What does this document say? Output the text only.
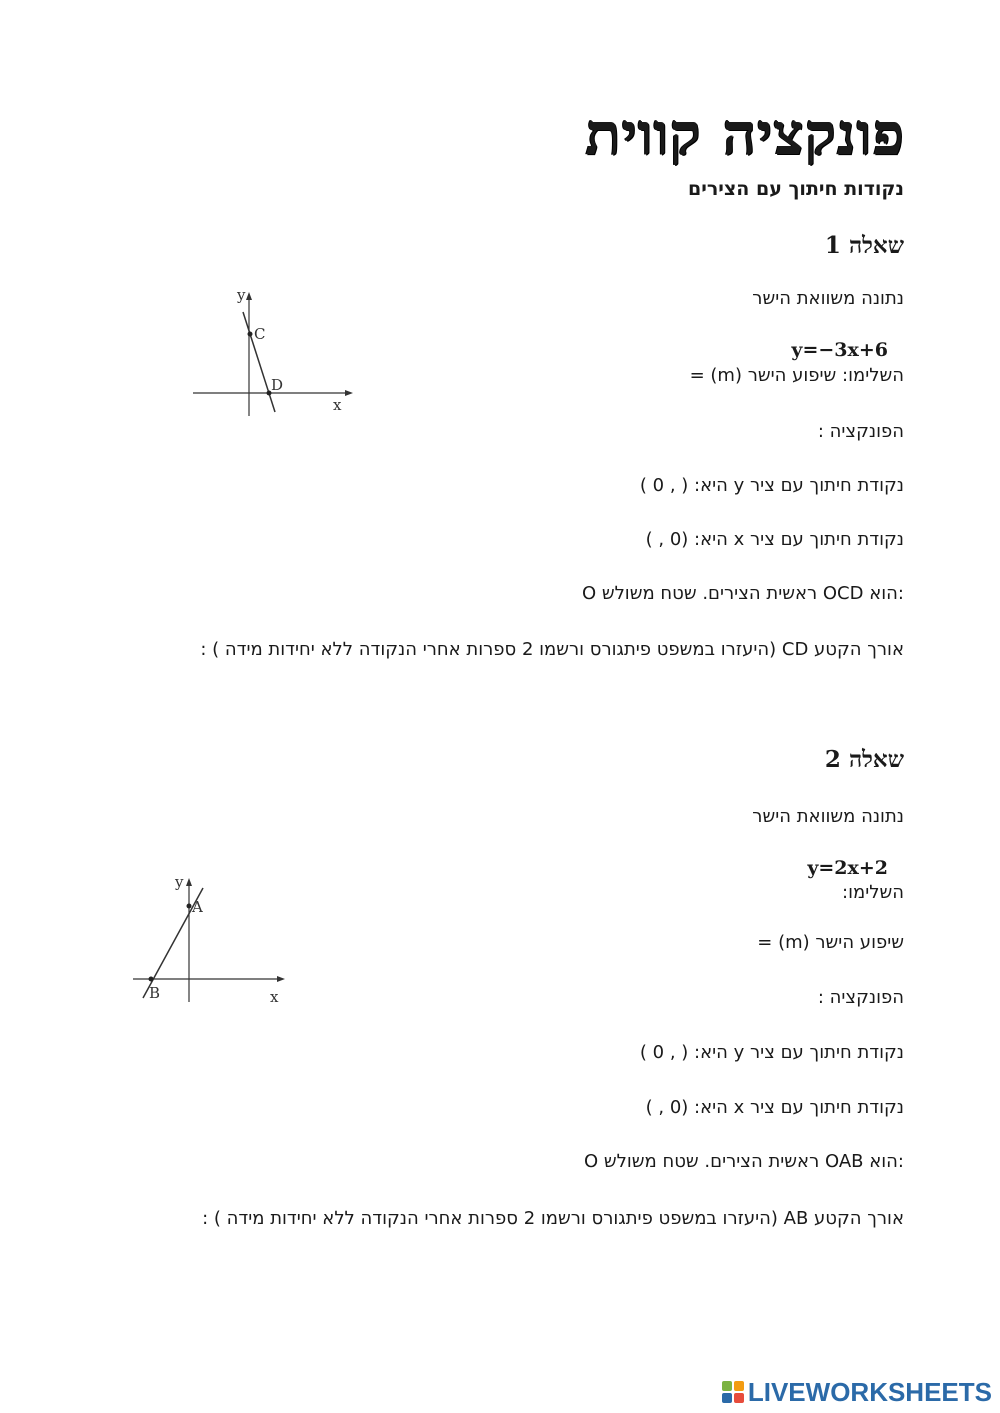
פונקציה קווית
נקודות חיתוך עם הצירים
שאלה 1
נתונה משוואת הישר
y=−3x+6
השלימו: שיפוע הישר (m) =
הפונקציה :
נקודת חיתוך עם ציר y היא: ( , 0 )
נקודת חיתוך עם ציר x היא: (0 , )
O ראשית הצירים. שטח משולש OCD הוא:
אורך הקטע CD (היעזרו במשפט פיתגורס ורשמו 2 ספרות אחרי הנקודה ללא יחידות מידה ) :
x
y
C
D
שאלה 2
נתונה משוואת הישר
y=2x+2
השלימו:
שיפוע הישר (m) =
הפונקציה :
נקודת חיתוך עם ציר y היא: ( , 0 )
נקודת חיתוך עם ציר x היא: (0 , )
O ראשית הצירים. שטח משולש OAB הוא:
אורך הקטע AB (היעזרו במשפט פיתגורס ורשמו 2 ספרות אחרי הנקודה ללא יחידות מידה ) :
x
y
A
B
LIVEWORKSHEETS
